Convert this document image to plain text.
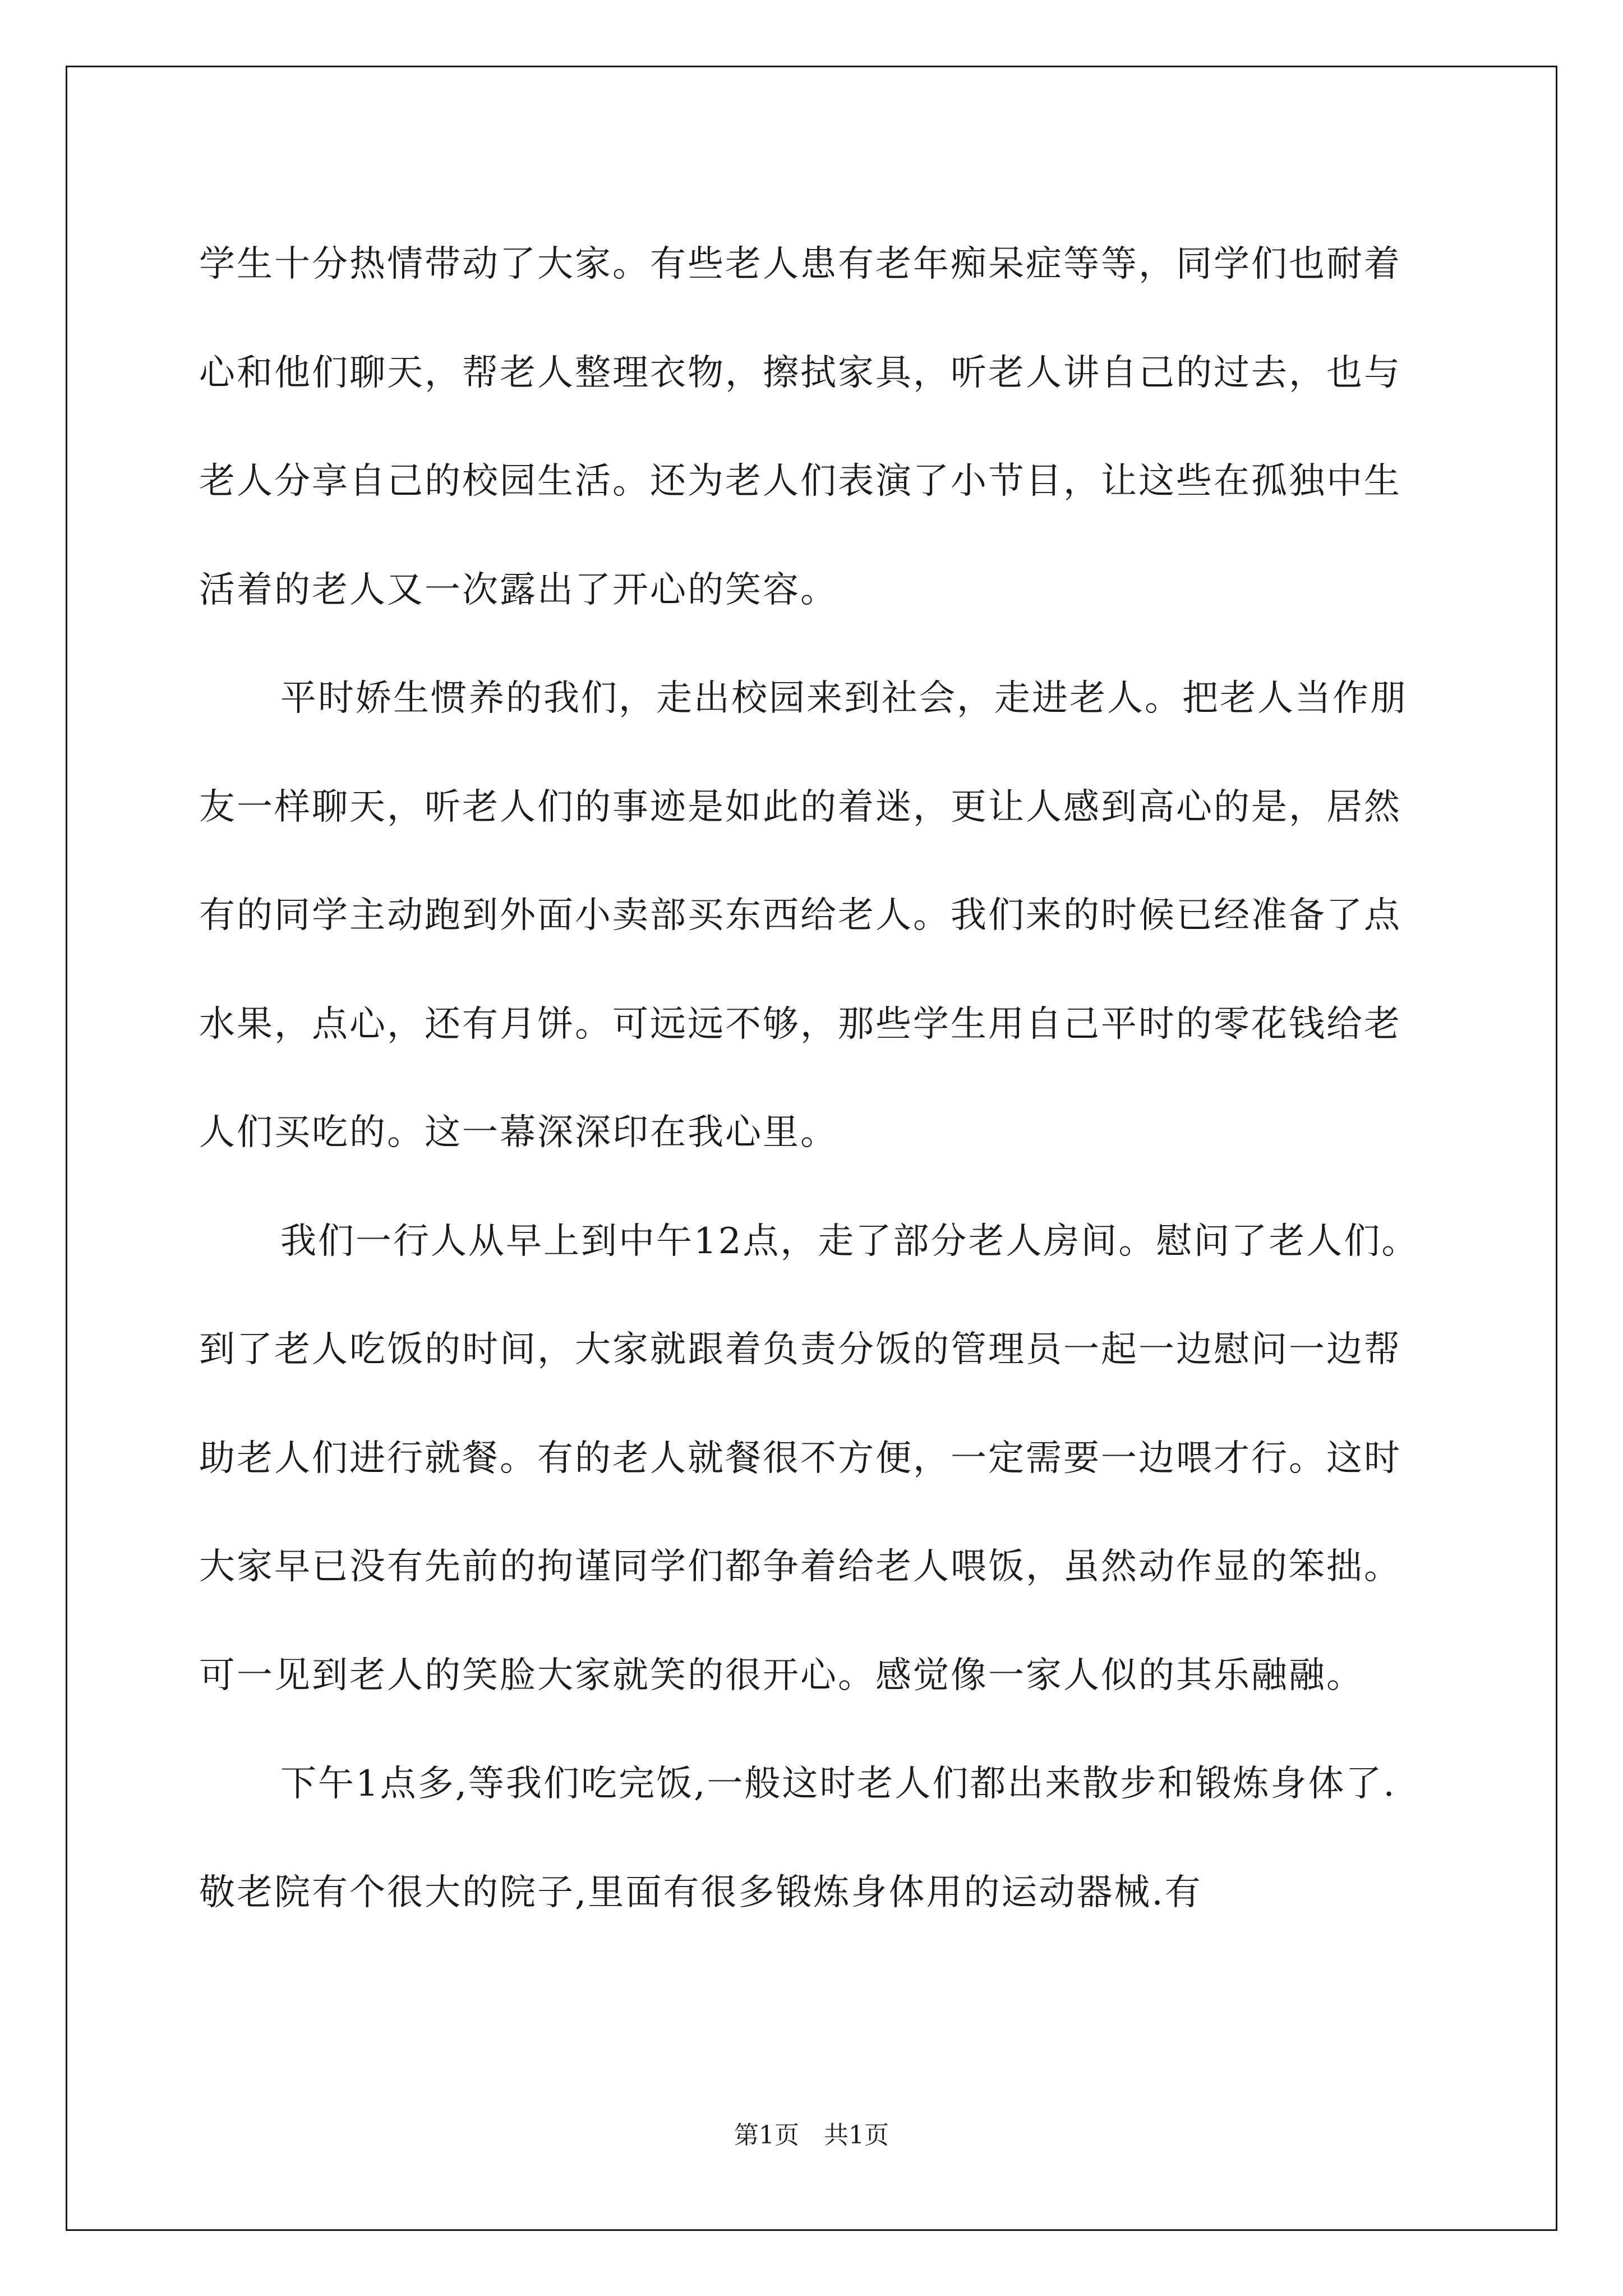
学生十分热情带动了大家。有些老人患有老年痴呆症等等，同学们也耐着心和他们聊天，帮老人整理衣物，擦拭家具，听老人讲自己的过去，也与老人分享自己的校园生活。还为老人们表演了小节目，让这些在孤独中生活着的老人又一次露出了开心的笑容。

平时娇生惯养的我们，走出校园来到社会，走进老人。把老人当作朋友一样聊天，听老人们的事迹是如此的着迷，更让人感到高心的是，居然有的同学主动跑到外面小卖部买东西给老人。我们来的时候已经准备了点水果，点心，还有月饼。可远远不够，那些学生用自己平时的零花钱给老人们买吃的。这一幕深深印在我心里。

我们一行人从早上到中午12点，走了部分老人房间。慰问了老人们。到了老人吃饭的时间，大家就跟着负责分饭的管理员一起一边慰问一边帮助老人们进行就餐。有的老人就餐很不方便，一定需要一边喂才行。这时大家早已没有先前的拘谨同学们都争着给老人喂饭，虽然动作显的笨拙。可一见到老人的笑脸大家就笑的很开心。感觉像一家人似的其乐融融。

下午1点多,等我们吃完饭,一般这时老人们都出来散步和锻炼身体了.敬老院有个很大的院子,里面有很多锻炼身体用的运动器械.有

第1页　共1页
